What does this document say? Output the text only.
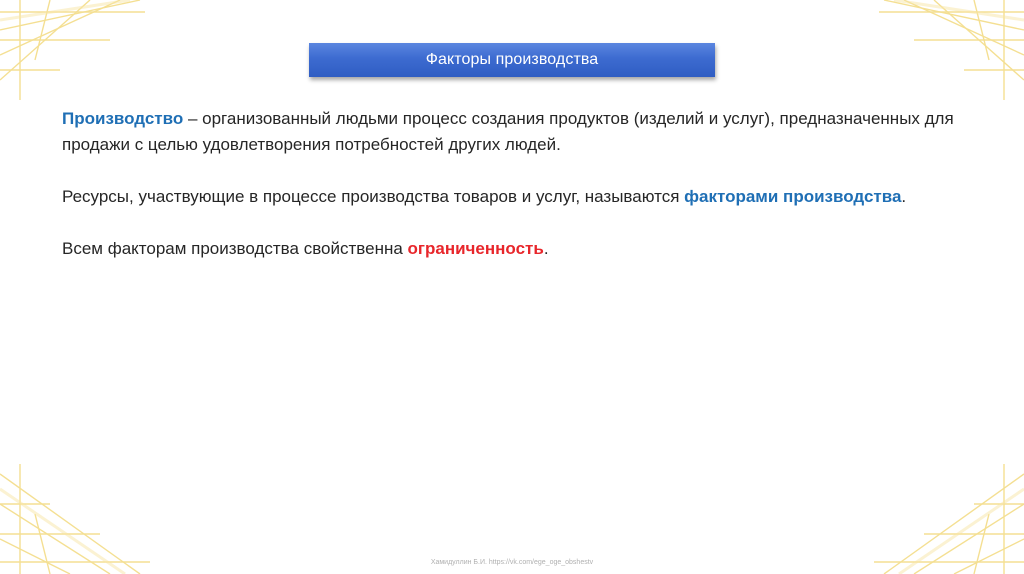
Факторы производства

Производство – организованный людьми процесс создания продуктов (изделий и услуг), предназначенных для продажи с целью удовлетворения потребностей других людей.

Ресурсы, участвующие в процессе производства товаров и услуг, называются факторами производства.

Всем факторам производства свойственна ограниченность.

Хамидуллин Б.И. https://vk.com/ege_oge_obshestv
